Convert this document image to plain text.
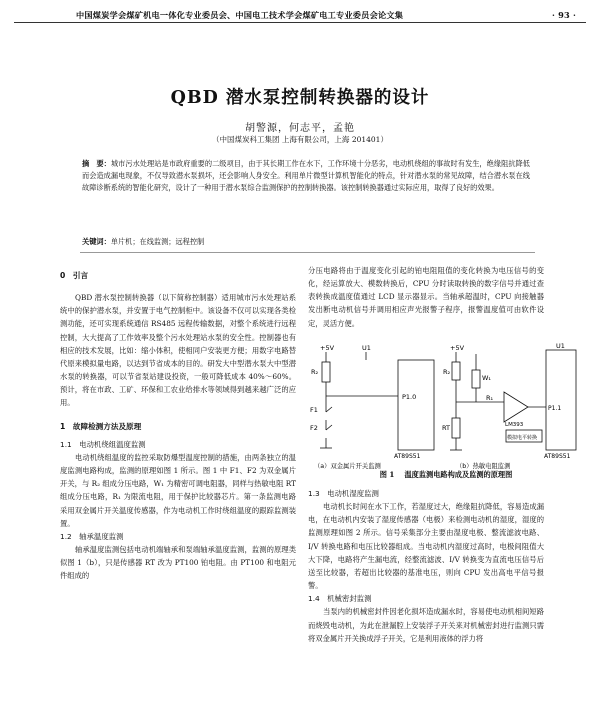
中国煤炭学会煤矿机电一体化专业委员会、中国电工技术学会煤矿电工专业委员会论文集	· 93 ·
QBD 潜水泵控制转换器的设计
胡警源，何志平，孟艳
（中国煤炭科工集团 上海有限公司，上海 201401）
摘　要：城市污水处理站是市政府重要的二级项目，由于其长期工作在水下，工作环境十分恶劣，电动机绕组的事故时有发生，绝缘阻抗降低而会造成漏电现象，不仅导致潜水泵损坏，还会影响人身安全。利用单片微型计算机智能化的特点，针对潜水泵的常见故障，结合潜水泵在线故障诊断系统的智能化研究，设计了一种用于潜水泵综合监测保护的控制转换器。该控制转换器通过实际应用，取得了良好的效果。
关键词：单片机；在线监测；远程控制
0　引言

QBD 潜水泵控制转换器（以下简称控制器）适用城市污水处理站系统中的保护潜水泵，并安置于电气控制柜中。该设备不仅可以实现各类检测功能，还可实现系统通信 RS485 远程传输数据，对整个系统进行远程控制，大大提高了工作效率及整个污水处理站水泵的安全性。控制器也有相应的技术发展，比如：缩小体积，使相同户安装更方便；用数字电路替代原来模拟量电路，以达到节省成本的目的。研发大中型潜水泵大中型潜水泵的转换器，可以节省泵站建设投资，一般可降低成本 40%～60%。预计，将在市政、工矿、环保和工农业给排水等领域得到越来越广泛的应用。

1　故障检测方法及原理
1.1　电动机绕组温度监测

电动机绕组温度的监控采取防爆型温度控制的措施，由两条独立的温度监测电路构成，监测的原理如图 1 所示。图 1 中 F1、F2 为双金属片开关，与 R₂ 组成分压电路，W₁ 为精密可调电阻器，同样与热敏电阻 RT 组成分压电路，R₁ 为限流电阻，用于保护比较器芯片。第一条监测电路采用双金属片开关温度传感器，作为电动机工作时绕组温度的跟踪监测装置。

1.2　轴承温度监测

轴承温度监测包括电动机端轴承和泵端轴承温度监测，监测的原理类似图 1（b），只是传感器 RT 改为 PT100 铂电阻。由 PT100 和电阻元件组成的

分压电路将由于温度变化引起的铂电阻阻值的变化转换为电压信号的变化，经运算放大、模数转换后，CPU 分时读取转换的数字信号并通过查表转换成温度值通过 LCD 显示器显示。当轴承超温时，CPU 向接触器发出断电动机信号并调用相应声光报警子程序，报警温度值可由软件设定，灵活方便。

+5V	U1
R₂
F1
F2
P1.0
AT89S51
+5V
R₂
W₁
R₁
RT	LM393
模拟电平转换
U1
P1.1
AT89S51
（a）双金属片开关监测	（b）热敏电阻监测
图 1 温度监测电路构成及监测的原理图
1.3　电动机湿度监测

电动机长时间在水下工作，若湿度过大，绝缘阻抗降低，容易造成漏电，在电动机内安装了湿度传感器（电极）来检测电动机的湿度，湿度的监测原理如图 2 所示。信号采集部分主要由湿度电极、整流滤波电路、I/V 转换电路和电压比较器组成。当电动机内湿度过高时，电极间阻值大大下降，电路将产生漏电流，经整流滤波、I/V 转换变为直流电压信号后送至比较器，若超出比较器的基准电压，则向 CPU 发出高电平信号报警。

1.4　机械密封监测

当泵内的机械密封件因老化损坏造成漏水时，容易使电动机相间短路而烧毁电动机，为此在泄漏腔上安装浮子开关来对机械密封进行监测只需将双金属片开关换成浮子开关，它是利用液体的浮力将
